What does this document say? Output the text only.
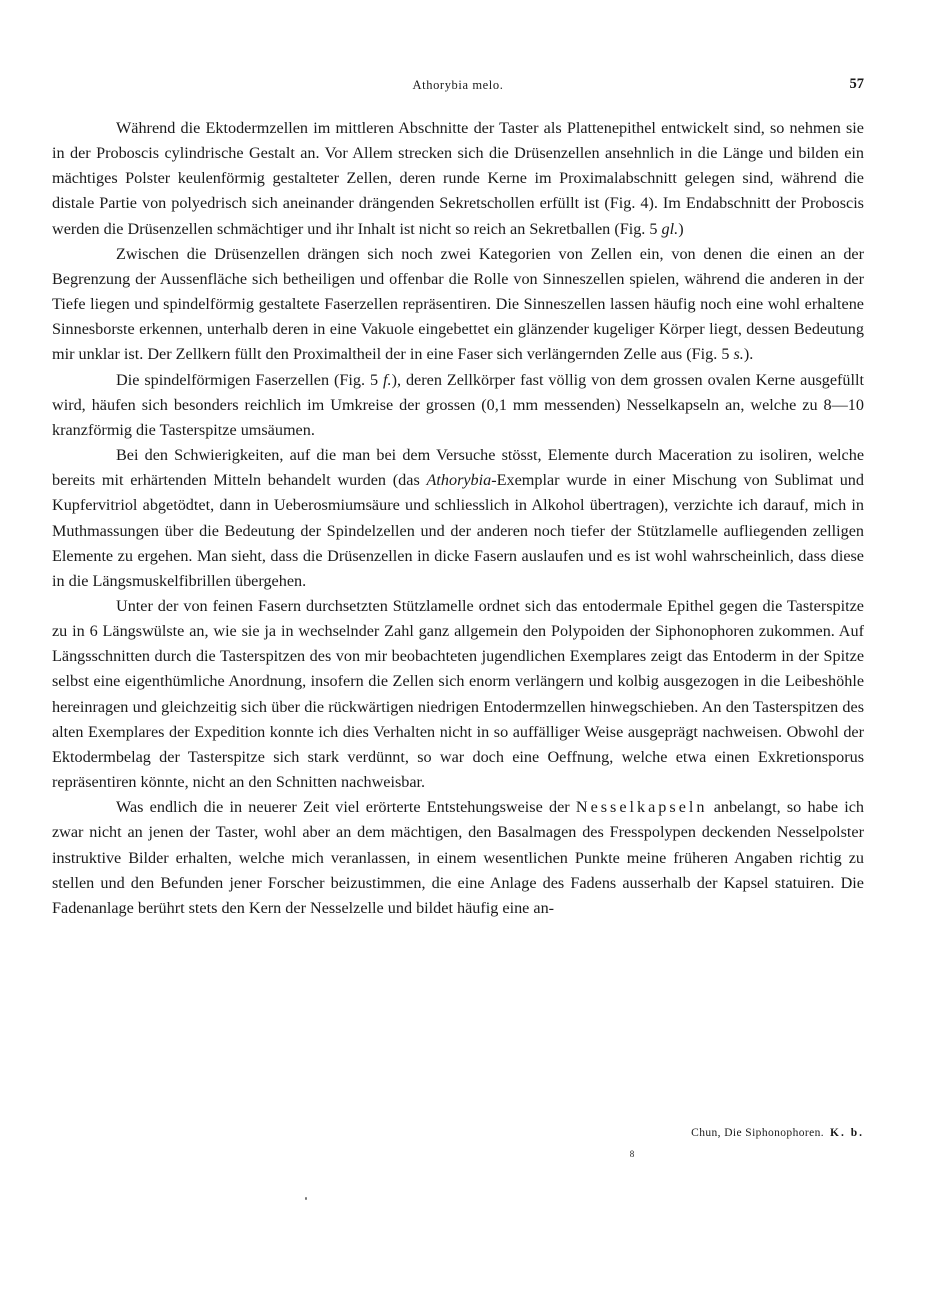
Athorybia melo.	57

Während die Ektodermzellen im mittleren Abschnitte der Taster als Plattenepithel entwickelt sind, so nehmen sie in der Proboscis cylindrische Gestalt an. Vor Allem strecken sich die Drüsenzellen ansehnlich in die Länge und bilden ein mächtiges Polster keulenförmig gestalteter Zellen, deren runde Kerne im Proximalabschnitt gelegen sind, während die distale Partie von polyedrisch sich aneinander drängenden Sekretschollen erfüllt ist (Fig. 4). Im Endabschnitt der Proboscis werden die Drüsenzellen schmächtiger und ihr Inhalt ist nicht so reich an Sekretballen (Fig. 5 gl.)

Zwischen die Drüsenzellen drängen sich noch zwei Kategorien von Zellen ein, von denen die einen an der Begrenzung der Aussenfläche sich betheiligen und offenbar die Rolle von Sinneszellen spielen, während die anderen in der Tiefe liegen und spindelförmig gestaltete Faserzellen repräsentiren. Die Sinneszellen lassen häufig noch eine wohl erhaltene Sinnesborste erkennen, unterhalb deren in eine Vakuole eingebettet ein glänzender kugeliger Körper liegt, dessen Bedeutung mir unklar ist. Der Zellkern füllt den Proximaltheil der in eine Faser sich verlängernden Zelle aus (Fig. 5 s.).

Die spindelförmigen Faserzellen (Fig. 5 f.), deren Zellkörper fast völlig von dem grossen ovalen Kerne ausgefüllt wird, häufen sich besonders reichlich im Umkreise der grossen (0,1 mm messenden) Nesselkapseln an, welche zu 8—10 kranzförmig die Tasterspitze umsäumen.

Bei den Schwierigkeiten, auf die man bei dem Versuche stösst, Elemente durch Maceration zu isoliren, welche bereits mit erhärtenden Mitteln behandelt wurden (das Athorybia-Exemplar wurde in einer Mischung von Sublimat und Kupfervitriol abgetödtet, dann in Ueberosmiumsäure und schliesslich in Alkohol übertragen), verzichte ich darauf, mich in Muthmassungen über die Bedeutung der Spindelzellen und der anderen noch tiefer der Stützlamelle aufliegenden zelligen Elemente zu ergehen. Man sieht, dass die Drüsenzellen in dicke Fasern auslaufen und es ist wohl wahrscheinlich, dass diese in die Längsmuskelfibrillen übergehen.

Unter der von feinen Fasern durchsetzten Stützlamelle ordnet sich das entodermale Epithel gegen die Tasterspitze zu in 6 Längswülste an, wie sie ja in wechselnder Zahl ganz allgemein den Polypoiden der Siphonophoren zukommen. Auf Längsschnitten durch die Tasterspitzen des von mir beobachteten jugendlichen Exemplares zeigt das Entoderm in der Spitze selbst eine eigenthümliche Anordnung, insofern die Zellen sich enorm verlängern und kolbig ausgezogen in die Leibeshöhle hereinragen und gleichzeitig sich über die rückwärtigen niedrigen Entodermzellen hinwegschieben. An den Tasterspitzen des alten Exemplares der Expedition konnte ich dies Verhalten nicht in so auffälliger Weise ausgeprägt nachweisen. Obwohl der Ektodermbelag der Tasterspitze sich stark verdünnt, so war doch eine Oeffnung, welche etwa einen Exkretionsporus repräsentiren könnte, nicht an den Schnitten nachweisbar.

Was endlich die in neuerer Zeit viel erörterte Entstehungsweise der Nesselkapseln anbelangt, so habe ich zwar nicht an jenen der Taster, wohl aber an dem mächtigen, den Basalmagen des Fresspolypen deckenden Nesselpolster instruktive Bilder erhalten, welche mich veranlassen, in einem wesentlichen Punkte meine früheren Angaben richtig zu stellen und den Befunden jener Forscher beizustimmen, die eine Anlage des Fadens ausserhalb der Kapsel statuiren. Die Fadenanlage berührt stets den Kern der Nesselzelle und bildet häufig eine an-

Chun, Die Siphonophoren. K. b.
8
